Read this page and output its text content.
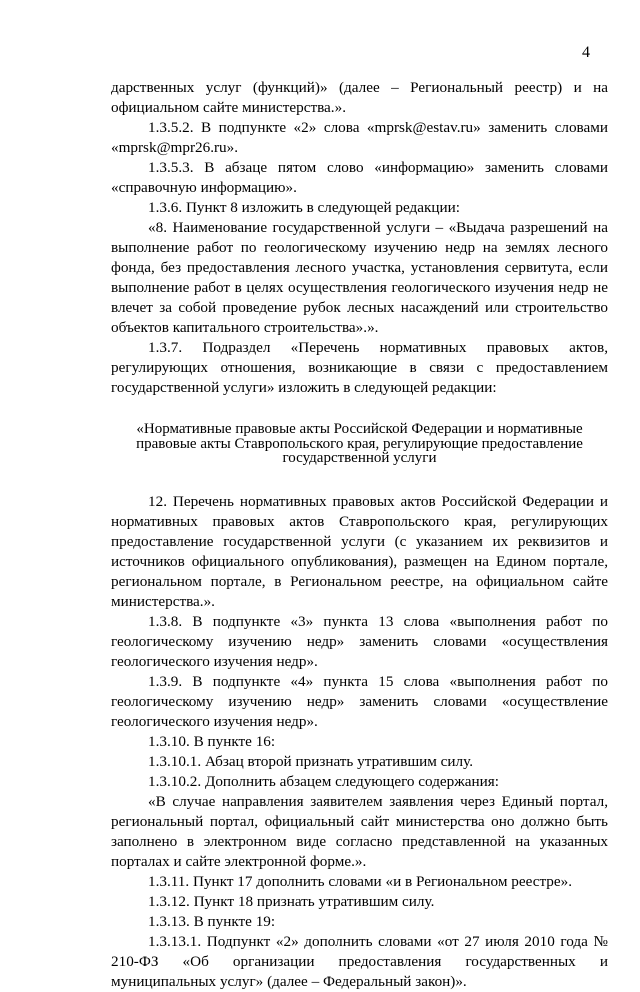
4

дарственных услуг (функций)» (далее – Региональный реестр) и на официальном сайте министерства.».

1.3.5.2. В подпункте «2» слова «mprsk@estav.ru» заменить словами «mprsk@mpr26.ru».

1.3.5.3. В абзаце пятом слово «информацию» заменить словами «справочную информацию».

1.3.6. Пункт 8 изложить в следующей редакции:

«8. Наименование государственной услуги – «Выдача разрешений на выполнение работ по геологическому изучению недр на землях лесного фонда, без предоставления лесного участка, установления сервитута, если выполнение работ в целях осуществления геологического изучения недр не влечет за собой проведение рубок лесных насаждений или строительство объектов капитального строительства».».

1.3.7. Подраздел «Перечень нормативных правовых актов, регулирующих отношения, возникающие в связи с предоставлением государственной услуги» изложить в следующей редакции:

«Нормативные правовые акты Российской Федерации и нормативные правовые акты Ставропольского края, регулирующие предоставление государственной услуги

12. Перечень нормативных правовых актов Российской Федерации и нормативных правовых актов Ставропольского края, регулирующих предоставление государственной услуги (с указанием их реквизитов и источников официального опубликования), размещен на Едином портале, региональном портале, в Региональном реестре, на официальном сайте министерства.».

1.3.8. В подпункте «3» пункта 13 слова «выполнения работ по геологическому изучению недр» заменить словами «осуществления геологического изучения недр».

1.3.9. В подпункте «4» пункта 15 слова «выполнения работ по геологическому изучению недр» заменить словами «осуществление геологического изучения недр».

1.3.10. В пункте 16:

1.3.10.1. Абзац второй признать утратившим силу.

1.3.10.2. Дополнить абзацем следующего содержания:

«В случае направления заявителем заявления через Единый портал, региональный портал, официальный сайт министерства оно должно быть заполнено в электронном виде согласно представленной на указанных порталах и сайте электронной форме.».

1.3.11. Пункт 17 дополнить словами «и в Региональном реестре».

1.3.12. Пункт 18 признать утратившим силу.

1.3.13. В пункте 19:

1.3.13.1. Подпункт «2» дополнить словами «от 27 июля 2010 года № 210-ФЗ «Об организации предоставления государственных и муниципальных услуг» (далее – Федеральный закон)».
